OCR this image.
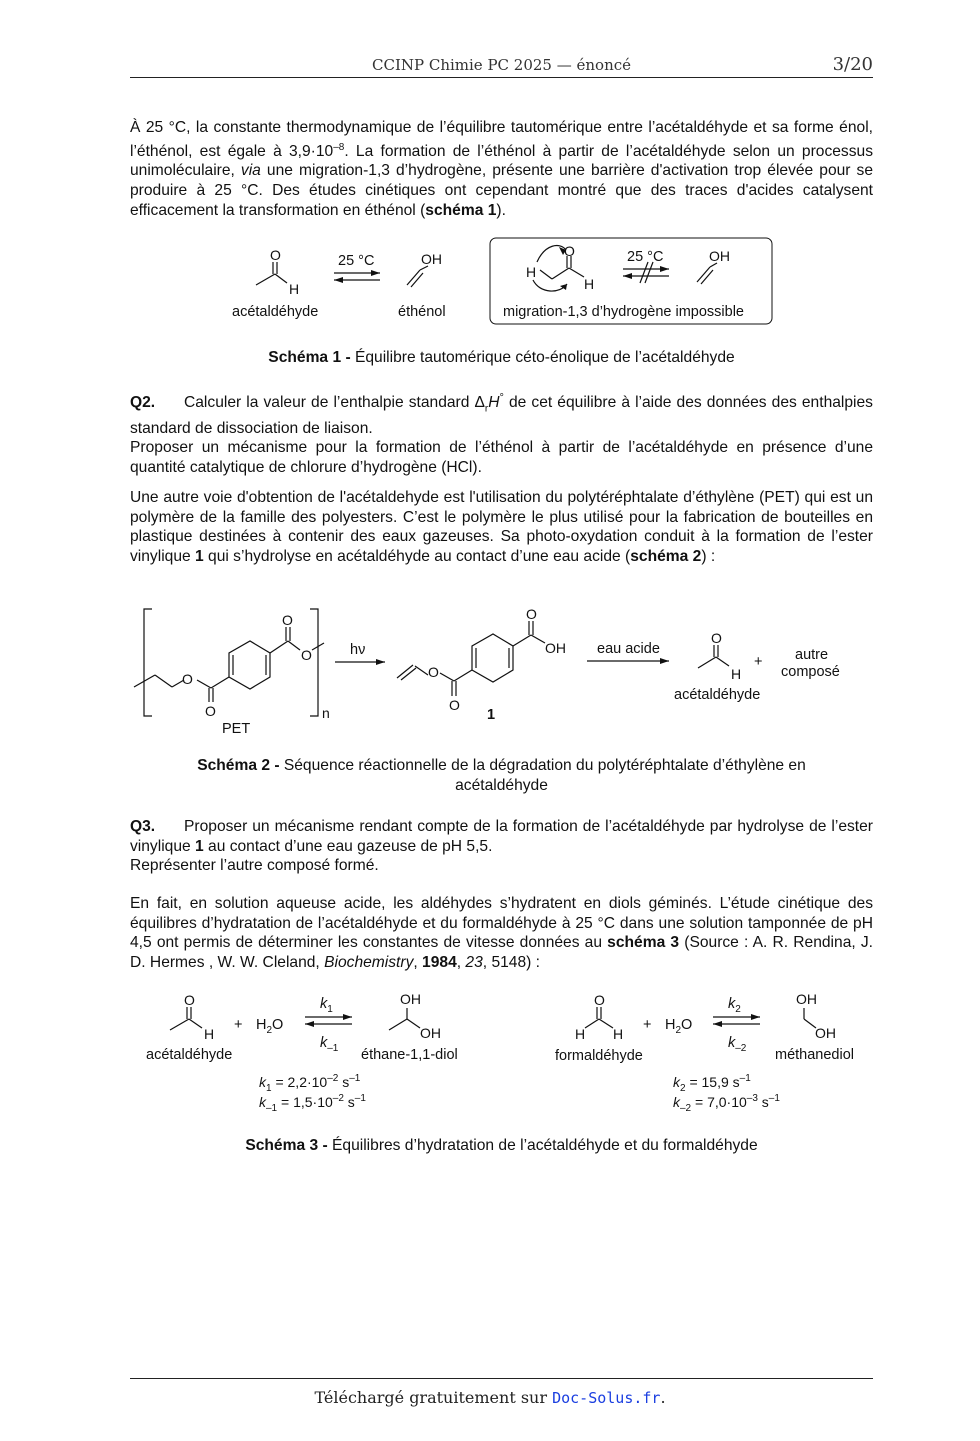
CCINP Chimie PC 2025 — énoncé	3/20
À 25 °C, la constante thermodynamique de l’équilibre tautomérique entre l’acétaldéhyde et sa forme énol, l’éthénol, est égale à $3,9\cdot 10^{-8}$. La formation de l’éthénol à partir de l’acétaldéhyde selon un processus unimoléculaire, via une migration-1,3 d’hydrogène, présente une barrière d'activation trop élevée pour se produire à 25 °C. Des études cinétiques ont cependant montré que des traces d'acides catalysent efficacement la transformation en éthénol (schéma 1).
O
H
acétaldéhyde
25 °C	OH
éthénol
O
H
H
25 °C	OH
migration-1,3 d’hydrogène impossible
Schéma 1 - Équilibre tautomérique céto-énolique de l’acétaldéhyde
Q2. Calculer la valeur de l’enthalpie standard $\Delta_rH^\circ$ de cet équilibre à l’aide des données des enthalpies standard de dissociation de liaison.
Proposer un mécanisme pour la formation de l’éthénol à partir de l’acétaldéhyde en présence d’une quantité catalytique de chlorure d’hydrogène (HCl).
Une autre voie d'obtention de l'acétaldehyde est l'utilisation du polytéréphtalate d’éthylène (PET) qui est un polymère de la famille des polyesters. C’est le polymère le plus utilisé pour la fabrication de bouteilles en plastique destinées à contenir des eaux gazeuses. Sa photo-oxydation conduit à la formation de l’ester vinylique 1 qui s’hydrolyse en acétaldéhyde au contact d’une eau acide (schéma 2) :
O
O
O
O
n
PET
hν
O
O
O
OH
1
eau acide
O
H
acétaldéhyde
+ autre
composé
Schéma 2 - Séquence réactionnelle de la dégradation du polytéréphtalate d’éthylène en
acétaldéhyde
Q3. Proposer un mécanisme rendant compte de la formation de l’acétaldéhyde par hydrolyse de l’ester vinylique 1 au contact d’une eau gazeuse de pH 5,5.
Représenter l’autre composé formé.
En fait, en solution aqueuse acide, les aldéhydes s’hydratent en diols géminés. L’étude cinétique des équilibres d’hydratation de l’acétaldéhyde et du formaldéhyde à 25 °C dans une solution tamponnée de pH 4,5 ont permis de déterminer les constantes de vitesse données au schéma 3 (Source : A. R. Rendina, J. D. Hermes , W. W. Cleland, Biochemistry, 1984, 23, 5148) :
O
H
acétaldéhyde
+ $H_2O$
$k_1$
$k_{-1}$
OH
OH
éthane-1,1-diol
$k_1 = 2,2\cdot 10^{-2}$ $s^{-1}$
$k_{-1} = 1,5\cdot 10^{-2}$ $s^{-1}$
O
H H
formaldéhyde
+ $H_2O$
$k_2$
$k_{-2}$
OH
OH
méthanediol
$k_2 = 15,9$ $s^{-1}$
$k_{-2} = 7,0\cdot 10^{-3}$ $s^{-1}$
Schéma 3 - Équilibres d’hydratation de l’acétaldéhyde et du formaldéhyde
Téléchargé gratuitement sur Doc-Solus.fr.
